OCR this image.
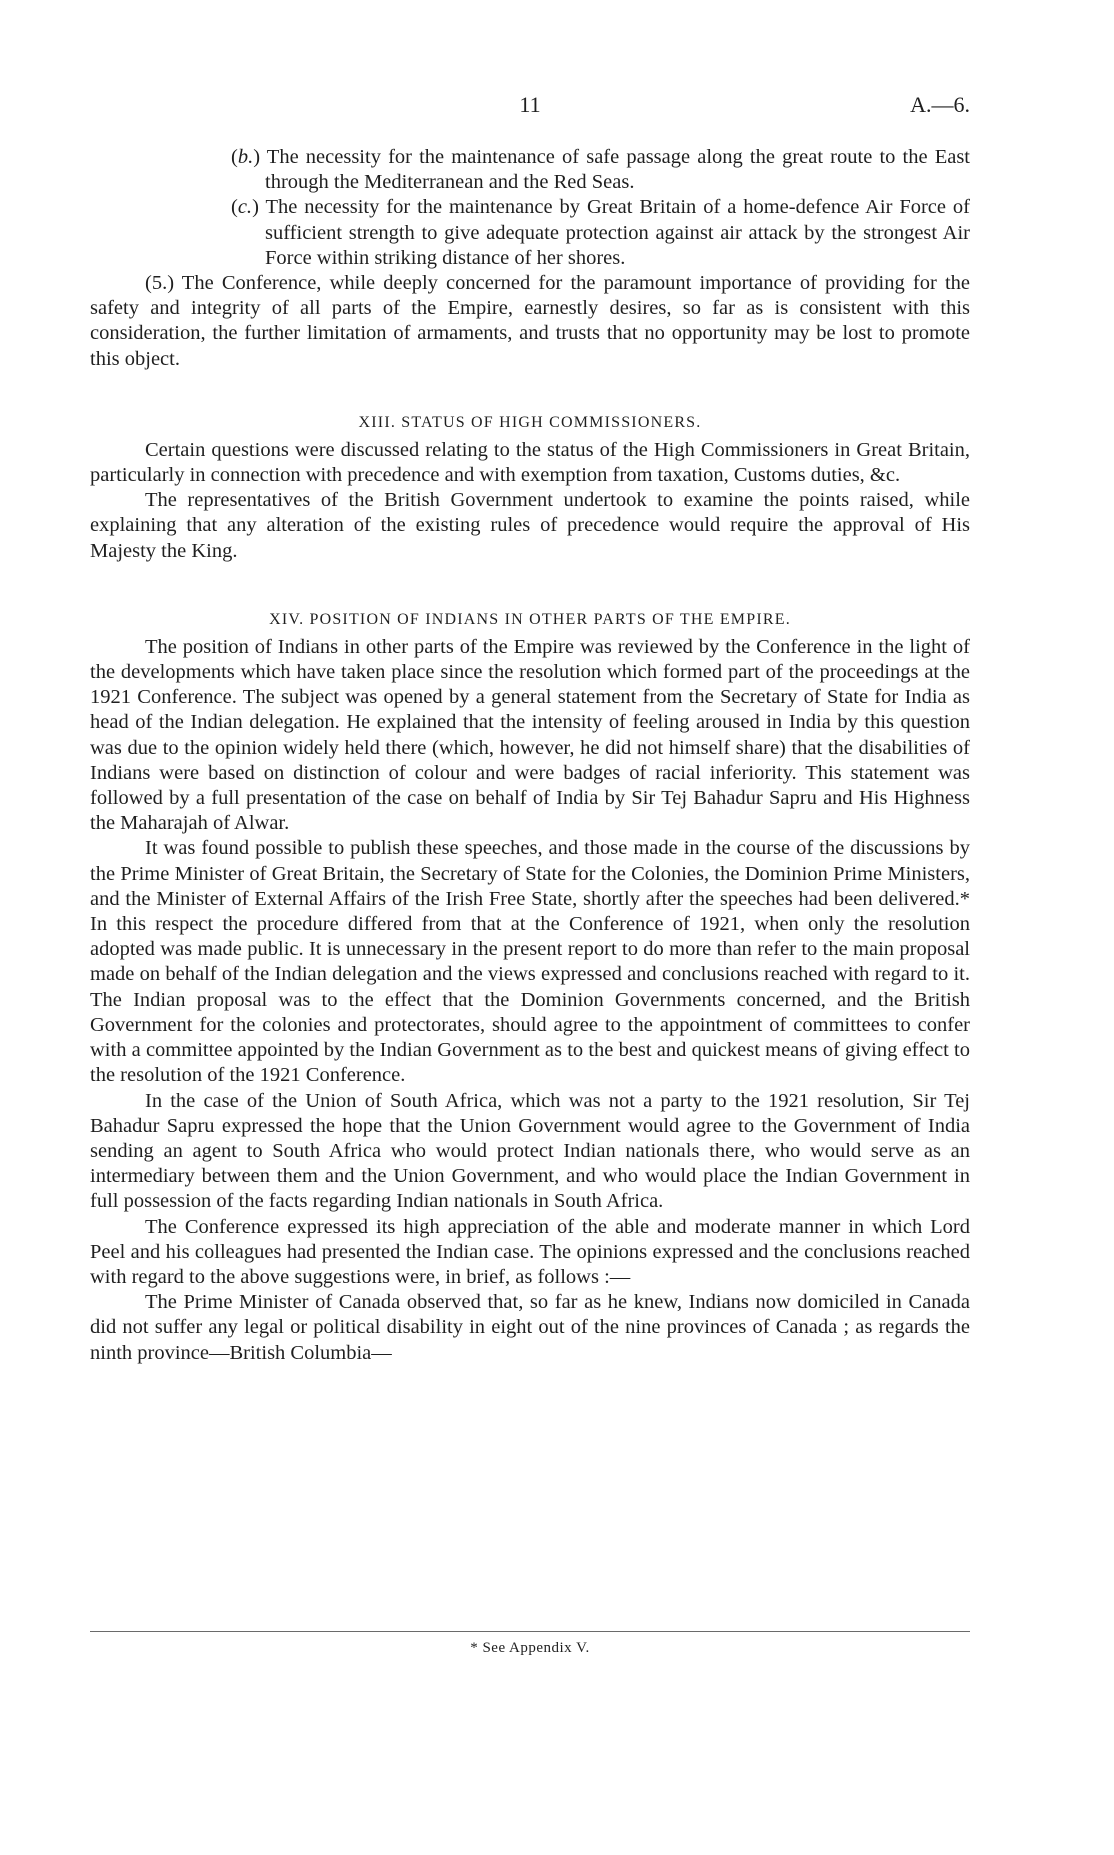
11	A.—6.
(b.) The necessity for the maintenance of safe passage along the great route to the East through the Mediterranean and the Red Seas.
(c.) The necessity for the maintenance by Great Britain of a home-defence Air Force of sufficient strength to give adequate protection against air attack by the strongest Air Force within striking distance of her shores.

(5.) The Conference, while deeply concerned for the paramount importance of providing for the safety and integrity of all parts of the Empire, earnestly desires, so far as is consistent with this consideration, the further limitation of armaments, and trusts that no opportunity may be lost to promote this object.

XIII. STATUS OF HIGH COMMISSIONERS.

Certain questions were discussed relating to the status of the High Commissioners in Great Britain, particularly in connection with precedence and with exemption from taxation, Customs duties, &c.

The representatives of the British Government undertook to examine the points raised, while explaining that any alteration of the existing rules of precedence would require the approval of His Majesty the King.

XIV. POSITION OF INDIANS IN OTHER PARTS OF THE EMPIRE.

The position of Indians in other parts of the Empire was reviewed by the Conference in the light of the developments which have taken place since the resolution which formed part of the proceedings at the 1921 Conference. The subject was opened by a general statement from the Secretary of State for India as head of the Indian delegation. He explained that the intensity of feeling aroused in India by this question was due to the opinion widely held there (which, however, he did not himself share) that the disabilities of Indians were based on distinction of colour and were badges of racial inferiority. This statement was followed by a full presentation of the case on behalf of India by Sir Tej Bahadur Sapru and His Highness the Maharajah of Alwar.

It was found possible to publish these speeches, and those made in the course of the discussions by the Prime Minister of Great Britain, the Secretary of State for the Colonies, the Dominion Prime Ministers, and the Minister of External Affairs of the Irish Free State, shortly after the speeches had been delivered.* In this respect the procedure differed from that at the Conference of 1921, when only the resolution adopted was made public. It is unnecessary in the present report to do more than refer to the main proposal made on behalf of the Indian delegation and the views expressed and conclusions reached with regard to it. The Indian proposal was to the effect that the Dominion Governments concerned, and the British Government for the colonies and protectorates, should agree to the appointment of committees to confer with a committee appointed by the Indian Government as to the best and quickest means of giving effect to the resolution of the 1921 Conference.

In the case of the Union of South Africa, which was not a party to the 1921 resolution, Sir Tej Bahadur Sapru expressed the hope that the Union Government would agree to the Government of India sending an agent to South Africa who would protect Indian nationals there, who would serve as an intermediary between them and the Union Government, and who would place the Indian Government in full possession of the facts regarding Indian nationals in South Africa.

The Conference expressed its high appreciation of the able and moderate manner in which Lord Peel and his colleagues had presented the Indian case. The opinions expressed and the conclusions reached with regard to the above suggestions were, in brief, as follows :—

The Prime Minister of Canada observed that, so far as he knew, Indians now domiciled in Canada did not suffer any legal or political disability in eight out of the nine provinces of Canada ; as regards the ninth province—British Columbia—

* See Appendix V.
